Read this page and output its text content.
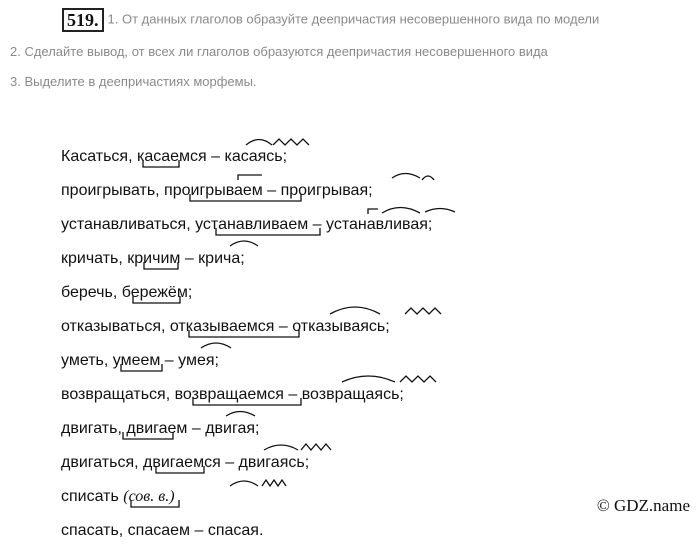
519. 1. От данных глаголов образуйте деепричастия несовершенного вида по модели

2. Сделайте вывод, от всех ли глаголов образуются деепричастия несовершенного вида

3. Выделите в деепричастиях морфемы.

Касаться, касаемся – касаясь;
проигрывать, проигрываем – проигрывая;
устанавливаться, устанавливаем – устанавливая;
кричать, кричим – крича;
беречь, бережём;
отказываться, отказываемся – отказываясь;
уметь, умеем – умея;
возвращаться, возвращаемся – возвращаясь;
двигать, двигаем – двигая;
двигаться, двигаемся – двигаясь;
списать (сов. в.)
спасать, спасаем – спасая.
© GDZ.name
